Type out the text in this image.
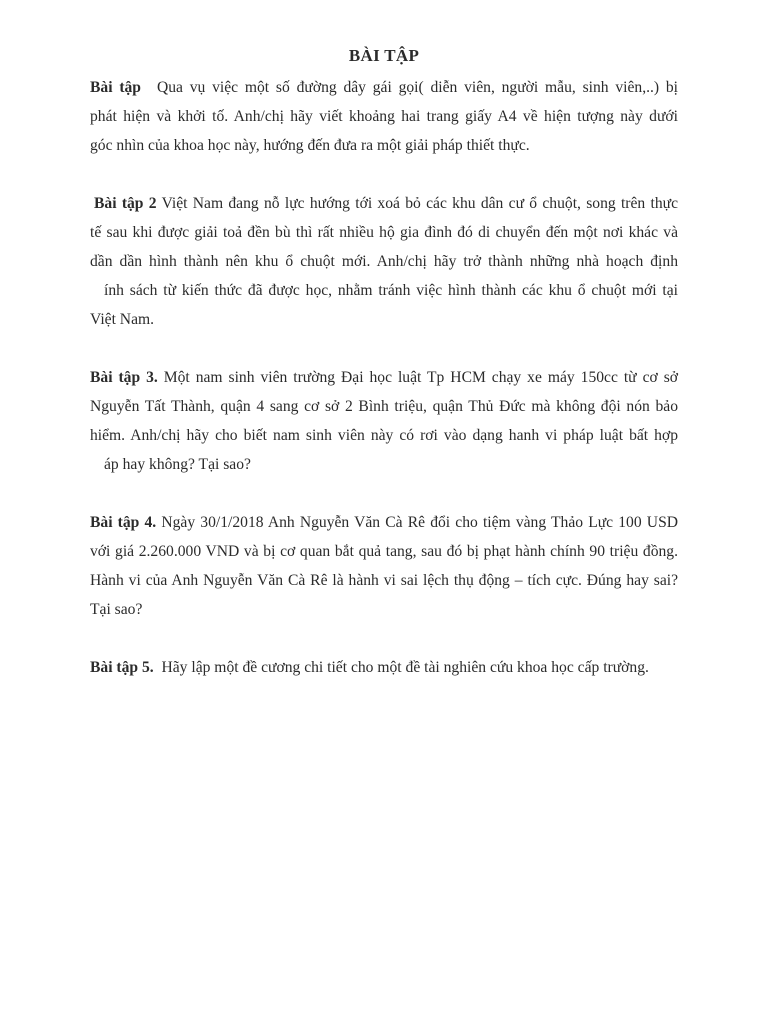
BÀI TẬP
Bài tập Qua vụ việc một số đường dây gái gọi( diễn viên, người mẫu, sinh viên,..) bị
phát hiện và khởi tố. Anh/chị hãy viết khoảng hai trang giấy A4 về hiện tượng này dưới
góc nhìn của khoa học này, hướng đến đưa ra một giải pháp thiết thực.
Bài tập 2 Việt Nam đang nỗ lực hướng tới xoá bỏ các khu dân cư ổ chuột, song trên thực
tế sau khi được giải toả đền bù thì rất nhiều hộ gia đình đó di chuyển đến một nơi khác và
dần dần hình thành nên khu ổ chuột mới. Anh/chị hãy trở thành những nhà hoạch định
ính sách từ kiến thức đã được học, nhằm tránh việc hình thành các khu ổ chuột mới tại
Việt Nam.
Bài tập 3. Một nam sinh viên trường Đại học luật Tp HCM chạy xe máy 150cc từ cơ sở
Nguyễn Tất Thành, quận 4 sang cơ sở 2 Bình triệu, quận Thủ Đức mà không đội nón bảo
hiểm. Anh/chị hãy cho biết nam sinh viên này có rơi vào dạng hanh vi pháp luật bất hợp
áp hay không? Tại sao?
Bài tập 4. Ngày 30/1/2018 Anh Nguyễn Văn Cà Rê đổi cho tiệm vàng Thảo Lực 100 USD
với giá 2.260.000 VND và bị cơ quan bắt quả tang, sau đó bị phạt hành chính 90 triệu đồng.
Hành vi của Anh Nguyễn Văn Cà Rê là hành vi sai lệch thụ động – tích cực. Đúng hay sai?
Tại sao?
Bài tập 5. Hãy lập một đề cương chi tiết cho một đề tài nghiên cứu khoa học cấp trường.
